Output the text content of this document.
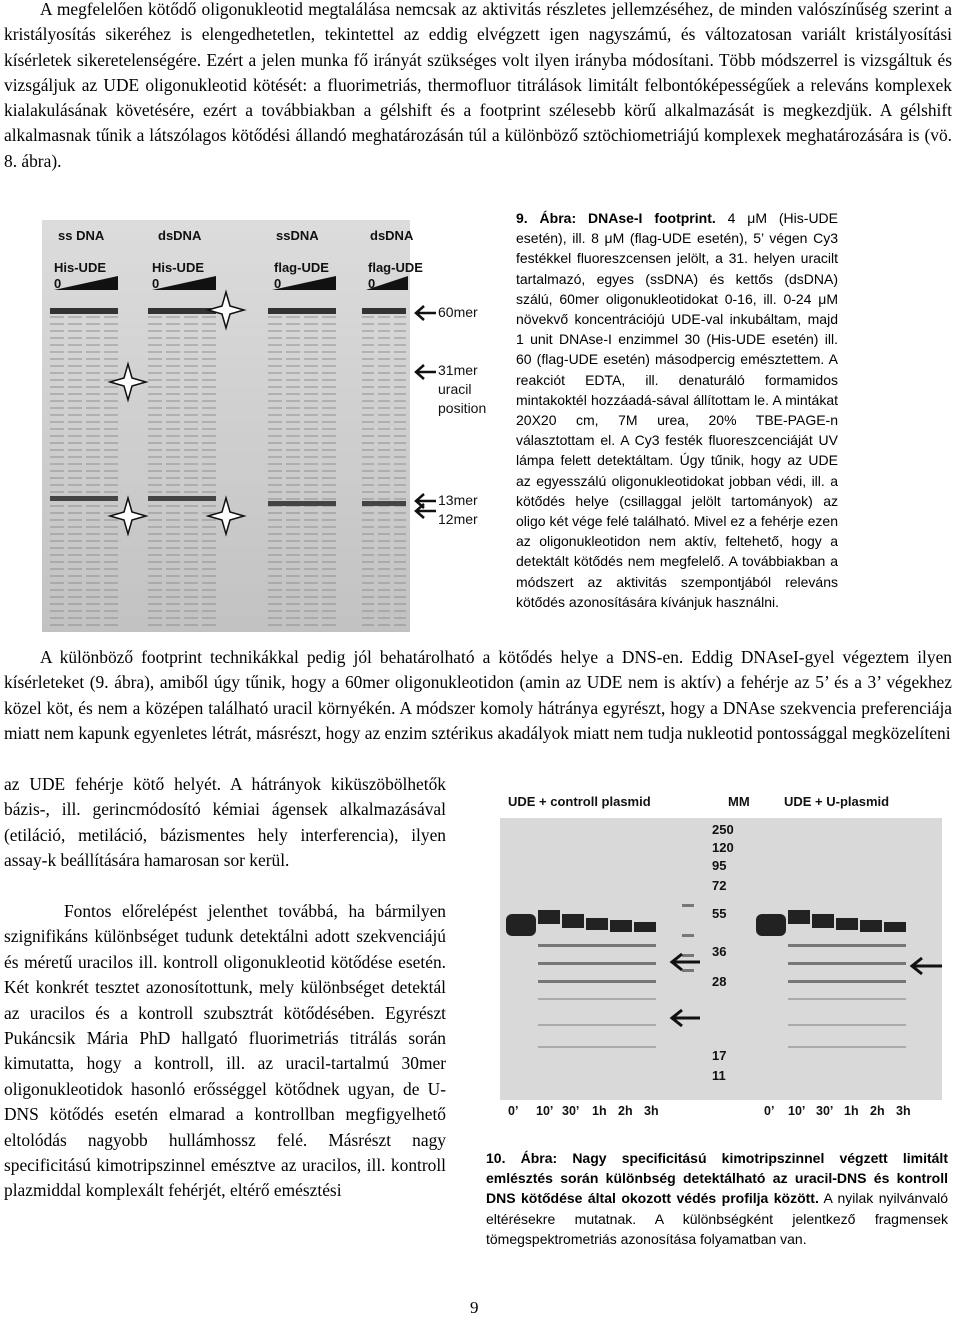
A megfelelően kötődő oligonukleotid megtalálása nemcsak az aktivitás részletes jellemzéséhez, de minden valószínűség szerint a kristályosítás sikeréhez is elengedhetetlen, tekintettel az eddig elvégzett igen nagyszámú, és változatosan variált kristályosítási kísérletek sikeretelenségére. Ezért a jelen munka fő irányát szükséges volt ilyen irányba módosítani. Több módszerrel is vizsgáltuk és vizsgáljuk az UDE oligonukleotid kötését: a fluorimetriás, thermofluor titrálások limitált felbontóképességűek a releváns komplexek kialakulásának követésére, ezért a továbbiakban a gélshift és a footprint szélesebb körű alkalmazását is megkezdjük. A gélshift alkalmasnak tűnik a látszólagos kötődési állandó meghatározásán túl a különböző sztöchiometriájú komplexek meghatározására is (vö. 8. ábra).

ss DNA	dsDNA	ssDNA	dsDNA
His-UDE	His-UDE	flag-UDE	flag-UDE
0	0	0	0
60mer
31mer
uracil
position
13mer
12mer

9. Ábra: DNAse-I footprint. 4 μM (His-UDE esetén), ill. 8 μM (flag-UDE esetén), 5’ végen Cy3 festékkel fluoreszcensen jelölt, a 31. helyen uracilt tartalmazó, egyes (ssDNA) és kettős (dsDNA) szálú, 60mer oligonukleotidokat 0-16, ill. 0-24 μM növekvő koncentrációjú UDE-val inkubáltam, majd 1 unit DNAse-I enzimmel 30 (His-UDE esetén) ill. 60 (flag-UDE esetén) másodpercig emésztettem. A reakciót EDTA, ill. denaturáló formamidos mintakoktél hozzáadá-sával állítottam le. A mintákat 20X20 cm, 7M urea, 20% TBE-PAGE-n választottam el. A Cy3 festék fluoreszcenciáját UV lámpa felett detektáltam. Úgy tűnik, hogy az UDE az egyesszálú oligonukleotidokat jobban védi, ill. a kötődés helye (csillaggal jelölt tartományok) az oligo két vége felé található. Mivel ez a fehérje ezen az oligonukleotidon nem aktív, feltehető, hogy a detektált kötődés nem megfelelő. A továbbiakban a módszert az aktivitás szempontjából releváns kötődés azonosítására kívánjuk használni.

A különböző footprint technikákkal pedig jól behatárolható a kötődés helye a DNS-en. Eddig DNAseI-gyel végeztem ilyen kísérleteket (9. ábra), amiből úgy tűnik, hogy a 60mer oligonukleotidon (amin az UDE nem is aktív) a fehérje az 5’ és a 3’ végekhez közel köt, és nem a középen található uracil környékén. A módszer komoly hátránya egyrészt, hogy a DNAse szekvencia preferenciája miatt nem kapunk egyenletes létrát, másrészt, hogy az enzim sztérikus akadályok miatt nem tudja nukleotid pontossággal megközelíteni

az UDE fehérje kötő helyét. A hátrányok kiküszöbölhetők bázis-, ill. gerincmódosító kémiai ágensek alkalmazásával (etiláció, metiláció, bázismentes hely interferencia), ilyen assay-k beállítására hamarosan sor kerül.

Fontos előrelépést jelenthet továbbá, ha bármilyen szignifikáns különbséget tudunk detektálni adott szekvenciájú és méretű uracilos ill. kontroll oligonukleotid kötődése esetén. Két konkrét tesztet azonosítottunk, mely különbséget detektál az uracilos és a kontroll szubsztrát kötődésében. Egyrészt Pukáncsik Mária PhD hallgató fluorimetriás titrálás során kimutatta, hogy a kontroll, ill. az uracil-tartalmú 30mer oligonukleotidok hasonló erősséggel kötődnek ugyan, de U-DNS kötődés esetén elmarad a kontrollban megfigyelhető eltolódás nagyobb hullámhossz felé. Másrészt nagy specificitású kimotripszinnel emésztve az uracilos, ill. kontroll plazmiddal komplexált fehérjét, eltérő emésztési

UDE + controll plasmid	MM	UDE + U-plasmid
250
120
95
72
55
36
28
17
11
0’ 10’ 30’ 1h 2h 3h	0’ 10’ 30’ 1h 2h 3h

10. Ábra: Nagy specificitású kimotripszinnel végzett limitált emlésztés során különbség detektálható az uracil-DNS és kontroll DNS kötődése által okozott védés profilja között. A nyilak nyilvánvaló eltérésekre mutatnak. A különbségként jelentkező fragmensek tömegspektrometriás azonosítása folyamatban van.

9
